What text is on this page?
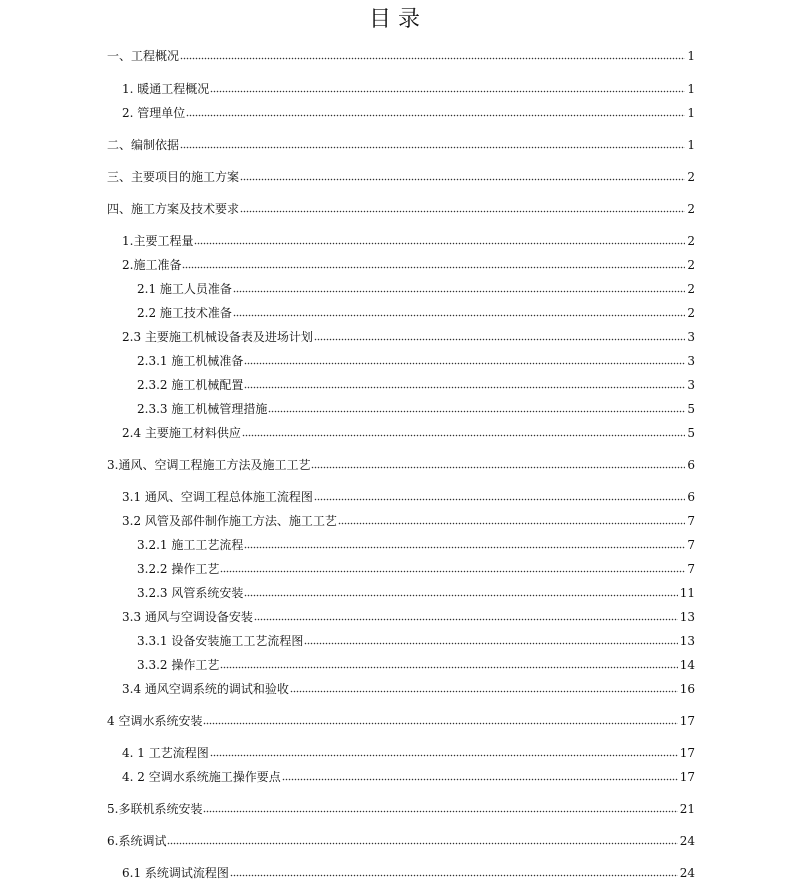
目 录
一、工程概况	1
1. 暖通工程概况	1
2. 管理单位	1
二、编制依据	1
三、主要项目的施工方案	2
四、施工方案及技术要求	2
1.主要工程量	2
2.施工准备	2
2.1 施工人员准备	2
2.2 施工技术准备	2
2.3 主要施工机械设备表及进场计划	3
2.3.1 施工机械准备	3
2.3.2 施工机械配置	3
2.3.3 施工机械管理措施	5
2.4 主要施工材料供应	5
3.通风、空调工程施工方法及施工工艺	6
3.1 通风、空调工程总体施工流程图	6
3.2 风管及部件制作施工方法、施工工艺	7
3.2.1 施工工艺流程	7
3.2.2 操作工艺	7
3.2.3 风管系统安装	11
3.3 通风与空调设备安装	13
3.3.1 设备安装施工工艺流程图	13
3.3.2 操作工艺	14
3.4 通风空调系统的调试和验收	16
4 空调水系统安装	17
4. 1 工艺流程图	17
4. 2 空调水系统施工操作要点	17
5.多联机系统安装	21
6.系统调试	24
6.1 系统调试流程图	24
